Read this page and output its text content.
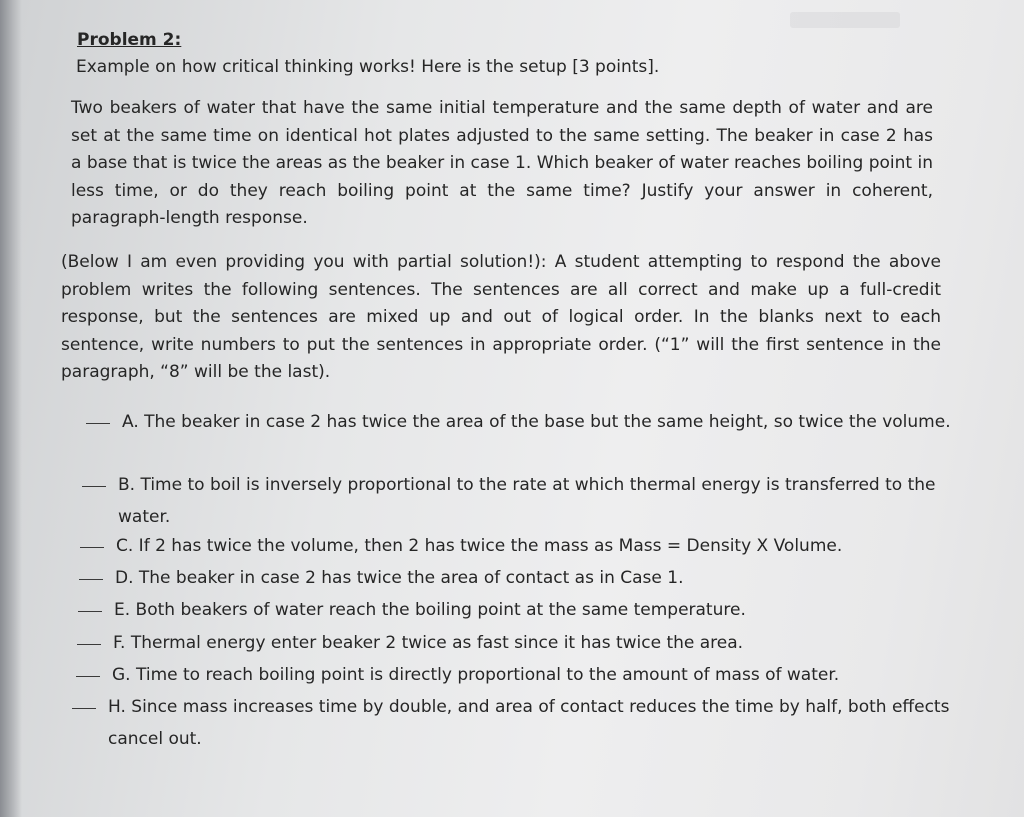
Problem 2:

Example on how critical thinking works! Here is the setup [3 points].

Two beakers of water that have the same initial temperature and the same depth of water and are set at the same time on identical hot plates adjusted to the same setting. The beaker in case 2 has a base that is twice the areas as the beaker in case 1. Which beaker of water reaches boiling point in less time, or do they reach boiling point at the same time? Justify your answer in coherent, paragraph-length response.

(Below I am even providing you with partial solution!): A student attempting to respond the above problem writes the following sentences. The sentences are all correct and make up a full-credit response, but the sentences are mixed up and out of logical order. In the blanks next to each sentence, write numbers to put the sentences in appropriate order. (“1” will the first sentence in the paragraph, “8” will be the last).

A. The beaker in case 2 has twice the area of the base but the same height, so twice the volume.
B. Time to boil is inversely proportional to the rate at which thermal energy is transferred to the water.
C. If 2 has twice the volume, then 2 has twice the mass as Mass = Density X Volume.
D. The beaker in case 2 has twice the area of contact as in Case 1.
E. Both beakers of water reach the boiling point at the same temperature.
F. Thermal energy enter beaker 2 twice as fast since it has twice the area.
G. Time to reach boiling point is directly proportional to the amount of mass of water.
H. Since mass increases time by double, and area of contact reduces the time by half, both effects cancel out.
